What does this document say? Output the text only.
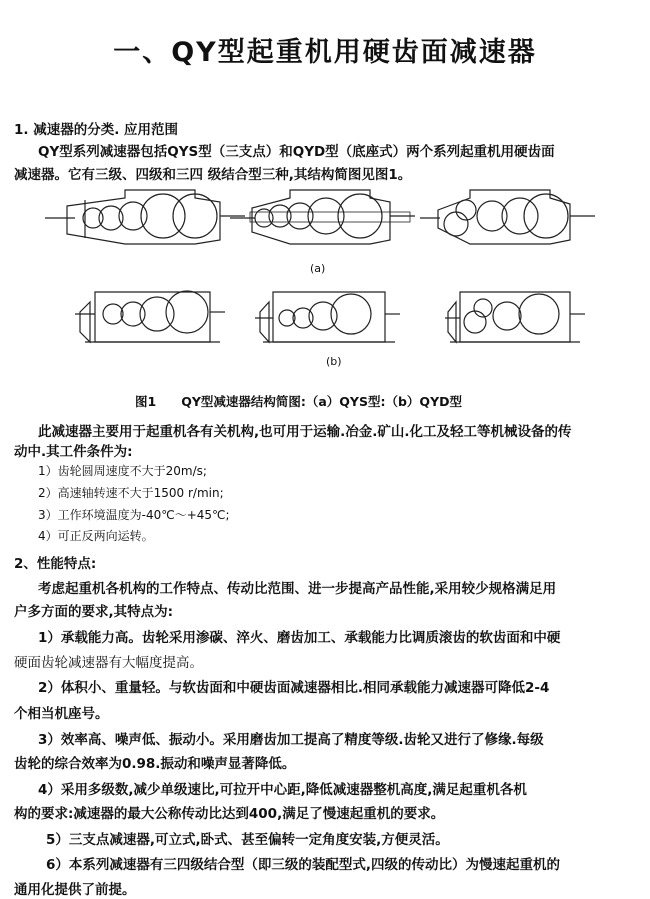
一、QY型起重机用硬齿面减速器
1. 减速器的分类. 应用范围
QY型系列减速器包括QYS型（三支点）和QYD型（底座式）两个系列起重机用硬齿面
减速器。它有三级、四级和三四 级结合型三种,其结构简图见图1。
(a)
(b)
图1　　QY型减速器结构简图:（a）QYS型:（b）QYD型
此减速器主要用于起重机各有关机构,也可用于运输.冶金.矿山.化工及轻工等机械设备的传
动中.其工件条件为:
1）齿轮圆周速度不大于20m/s;
2）高速轴转速不大于1500 r/min;
3）工作环境温度为-40℃～+45℃;
4）可正反两向运转。
2、性能特点:
考虑起重机各机构的工作特点、传动比范围、进一步提高产品性能,采用较少规格满足用
户多方面的要求,其特点为:
1）承载能力高。齿轮采用渗碳、淬火、磨齿加工、承载能力比调质滚齿的软齿面和中硬
硬面齿轮减速器有大幅度提高。
2）体积小、重量轻。与软齿面和中硬齿面减速器相比.相同承载能力减速器可降低2-4
个相当机座号。
3）效率高、噪声低、振动小。采用磨齿加工提高了精度等级.齿轮又进行了修缘.每级
齿轮的综合效率为0.98.振动和噪声显著降低。
4）采用多级数,减少单级速比,可拉开中心距,降低减速器整机高度,满足起重机各机
构的要求:减速器的最大公称传动比达到400,满足了慢速起重机的要求。
5）三支点减速器,可立式,卧式、甚至偏转一定角度安装,方便灵活。
6）本系列减速器有三四级结合型（即三级的装配型式,四级的传动比）为慢速起重机的
通用化提供了前提。
